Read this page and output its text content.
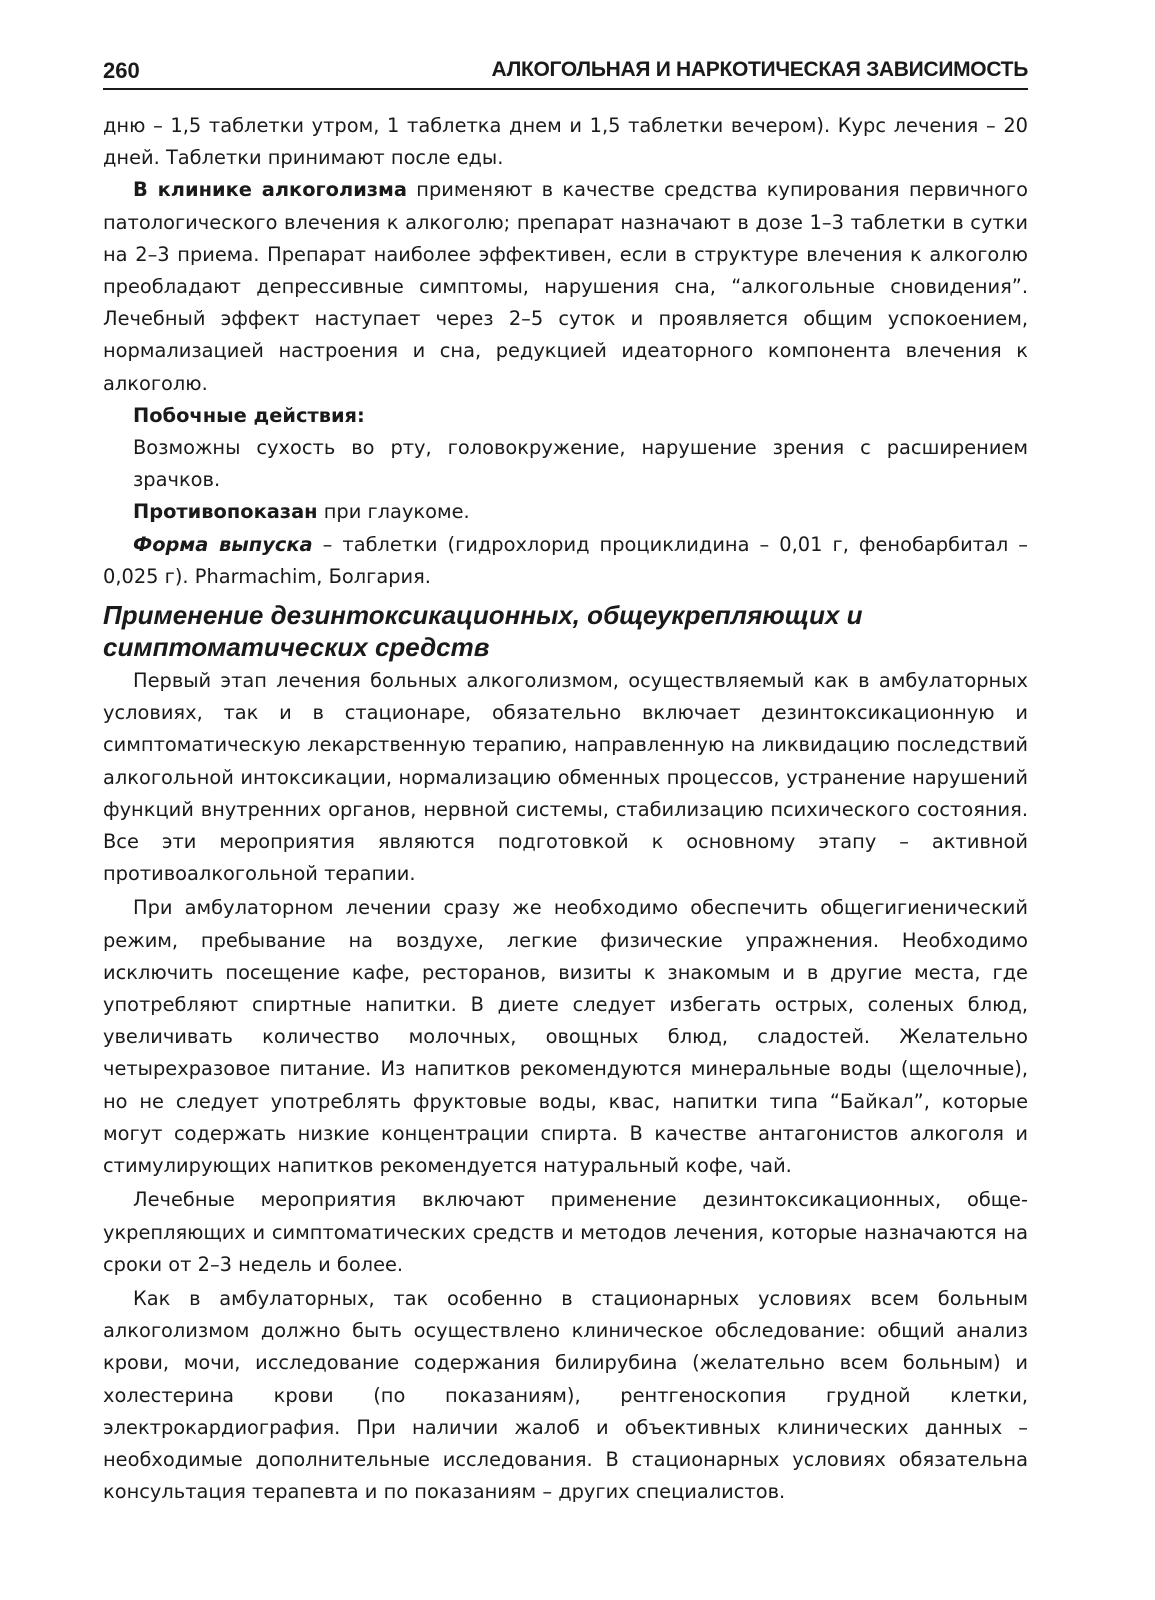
260	АЛКОГОЛЬНАЯ И НАРКОТИЧЕСКАЯ ЗАВИСИМОСТЬ

дню – 1,5 таблетки утром, 1 таблетка днем и 1,5 таблетки вечером). Курс лечения – 20 дней. Таблетки принимают после еды.

В клинике алкоголизма применяют в качестве средства купирования первичного патологического влечения к алкоголю; препарат назначают в дозе 1–3 таблетки в сутки на 2–3 приема. Препарат наиболее эффективен, если в структуре влечения к алкоголю преобладают депрессивные симптомы, нарушения сна, “алкогольные сновидения”. Лечебный эффект наступает через 2–5 суток и проявляется общим успокоением, нормализацией настроения и сна, редукцией идеаторного компонента влечения к алкоголю.

Побочные действия:

Возможны сухость во рту, головокружение, нарушение зрения с расширением зрачков.

Противопоказан при глаукоме.

Форма выпуска – таблетки (гидрохлорид проциклидина – 0,01 г, фенобарбитал – 0,025 г). Pharmachim, Болгария.

Применение дезинтоксикационных, общеукрепляющих и симптоматических средств

Первый этап лечения больных алкоголизмом, осуществляемый как в амбулаторных условиях, так и в стационаре, обязательно включает дезинтоксикационную и симптоматическую лекарственную терапию, направленную на ликвидацию последствий алкогольной интоксикации, нормализацию обменных процессов, устранение нарушений функций внутренних органов, нервной системы, стабилизацию психического состояния. Все эти мероприятия являются подготовкой к основному этапу – активной противоалкогольной терапии.

При амбулаторном лечении сразу же необходимо обеспечить общегигиенический режим, пребывание на воздухе, легкие физические упражнения. Необходимо исключить посещение кафе, ресторанов, визиты к знакомым и в другие места, где употребляют спиртные напитки. В диете следует избегать острых, соленых блюд, увеличивать количество молочных, овощных блюд, сладостей. Желательно четырехразовое питание. Из напитков рекомендуются минеральные воды (щелочные), но не следует употреблять фруктовые воды, квас, напитки типа “Байкал”, которые могут содержать низкие концентрации спирта. В качестве антагонистов алкоголя и стимулирующих напитков рекомендуется натуральный кофе, чай.

Лечебные мероприятия включают применение дезинтоксикационных, общеукрепляющих и симптоматических средств и методов лечения, которые назначаются на сроки от 2–3 недель и более.

Как в амбулаторных, так особенно в стационарных условиях всем больным алкоголизмом должно быть осуществлено клиническое обследование: общий анализ крови, мочи, исследование содержания билирубина (желательно всем больным) и холестерина крови (по показаниям), рентгеноскопия грудной клетки, электрокардиография. При наличии жалоб и объективных клинических данных – необходимые дополнительные исследования. В стационарных условиях обязательна консультация терапевта и по показаниям – других специалистов.
